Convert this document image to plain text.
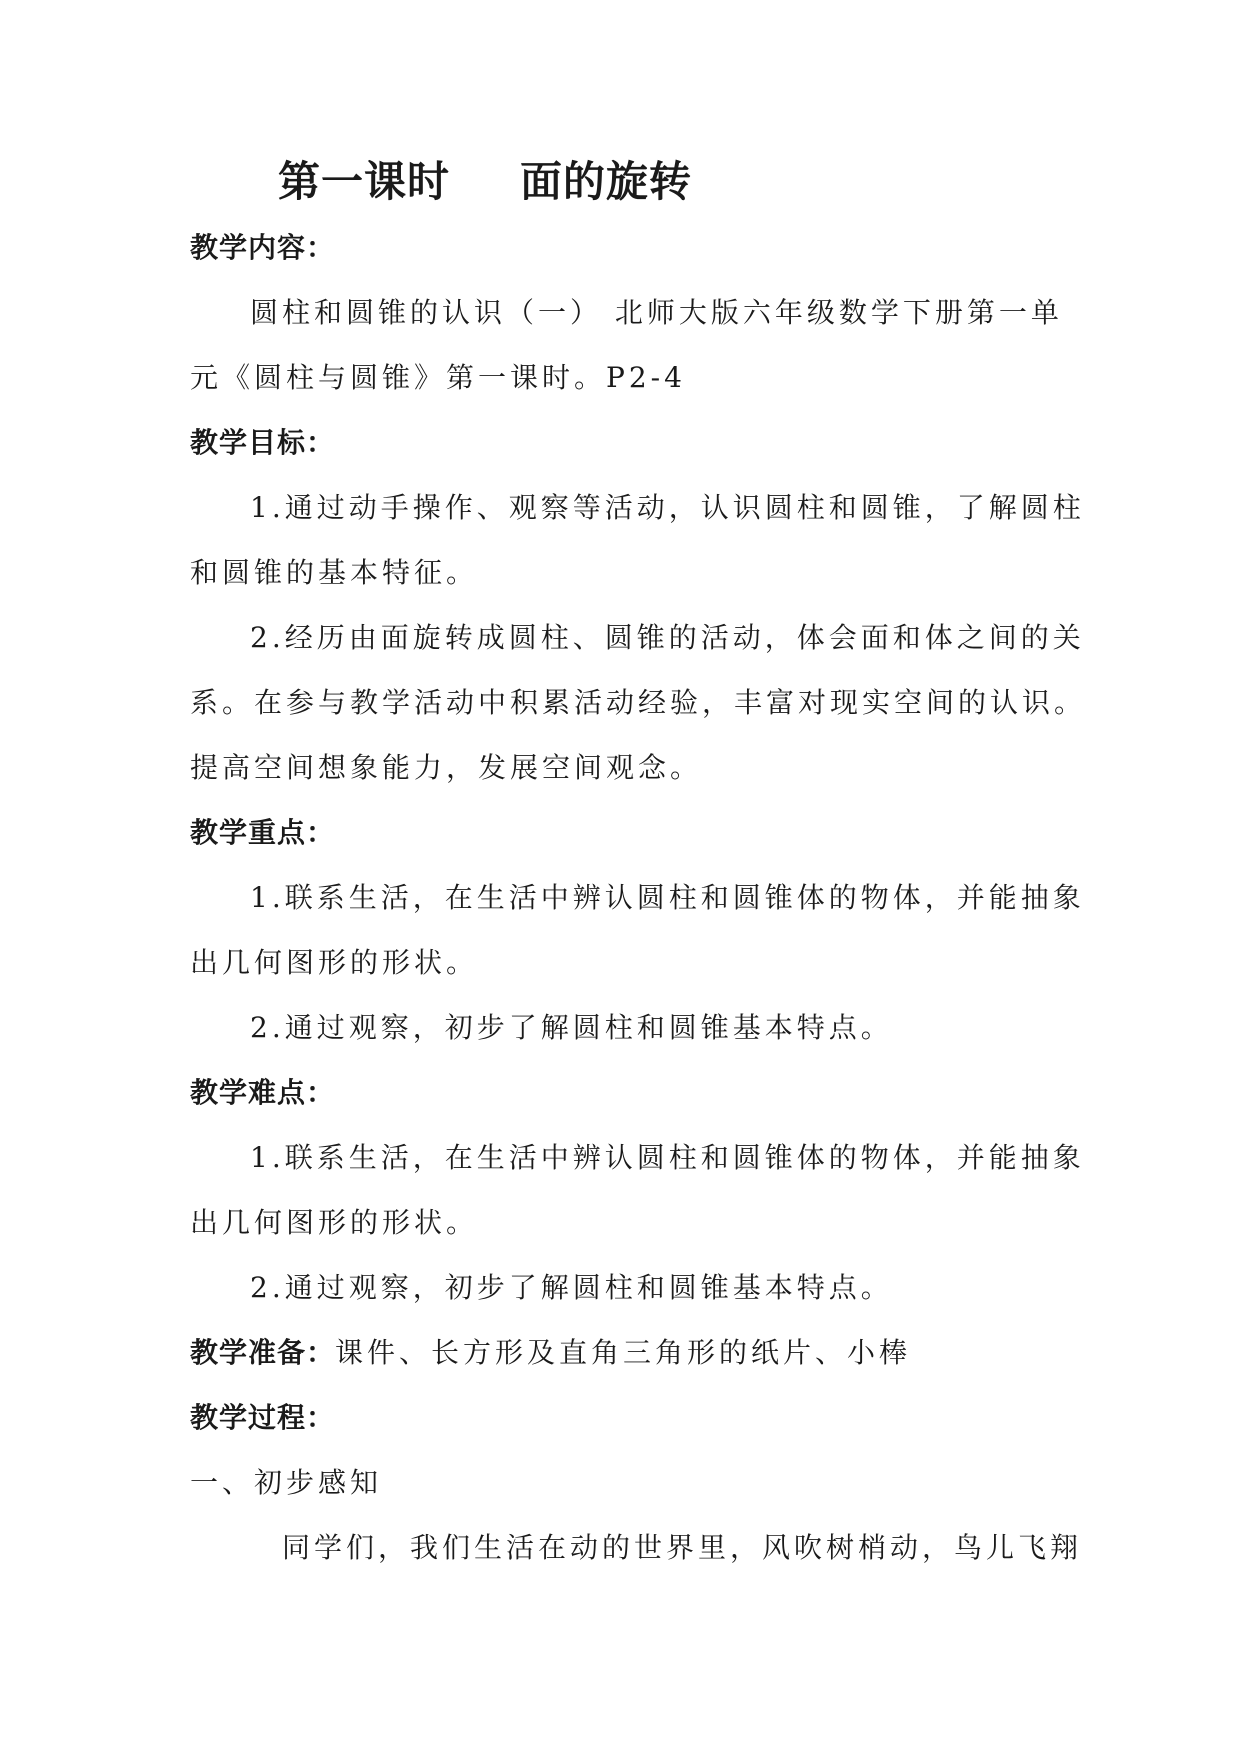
第一课时 面的旋转

教学内容：

圆柱和圆锥的认识（一） 北师大版六年级数学下册第一单

元《圆柱与圆锥》第一课时。P2-4

教学目标：

1.通过动手操作、观察等活动，认识圆柱和圆锥，了解圆柱

和圆锥的基本特征。

2.经历由面旋转成圆柱、圆锥的活动，体会面和体之间的关

系。在参与教学活动中积累活动经验，丰富对现实空间的认识。

提高空间想象能力，发展空间观念。

教学重点：

1.联系生活，在生活中辨认圆柱和圆锥体的物体，并能抽象

出几何图形的形状。

2.通过观察，初步了解圆柱和圆锥基本特点。

教学难点：

1.联系生活，在生活中辨认圆柱和圆锥体的物体，并能抽象

出几何图形的形状。

2.通过观察，初步了解圆柱和圆锥基本特点。

教学准备：课件、长方形及直角三角形的纸片、小棒

教学过程：

一、初步感知

同学们，我们生活在动的世界里，风吹树梢动，鸟儿飞翔
